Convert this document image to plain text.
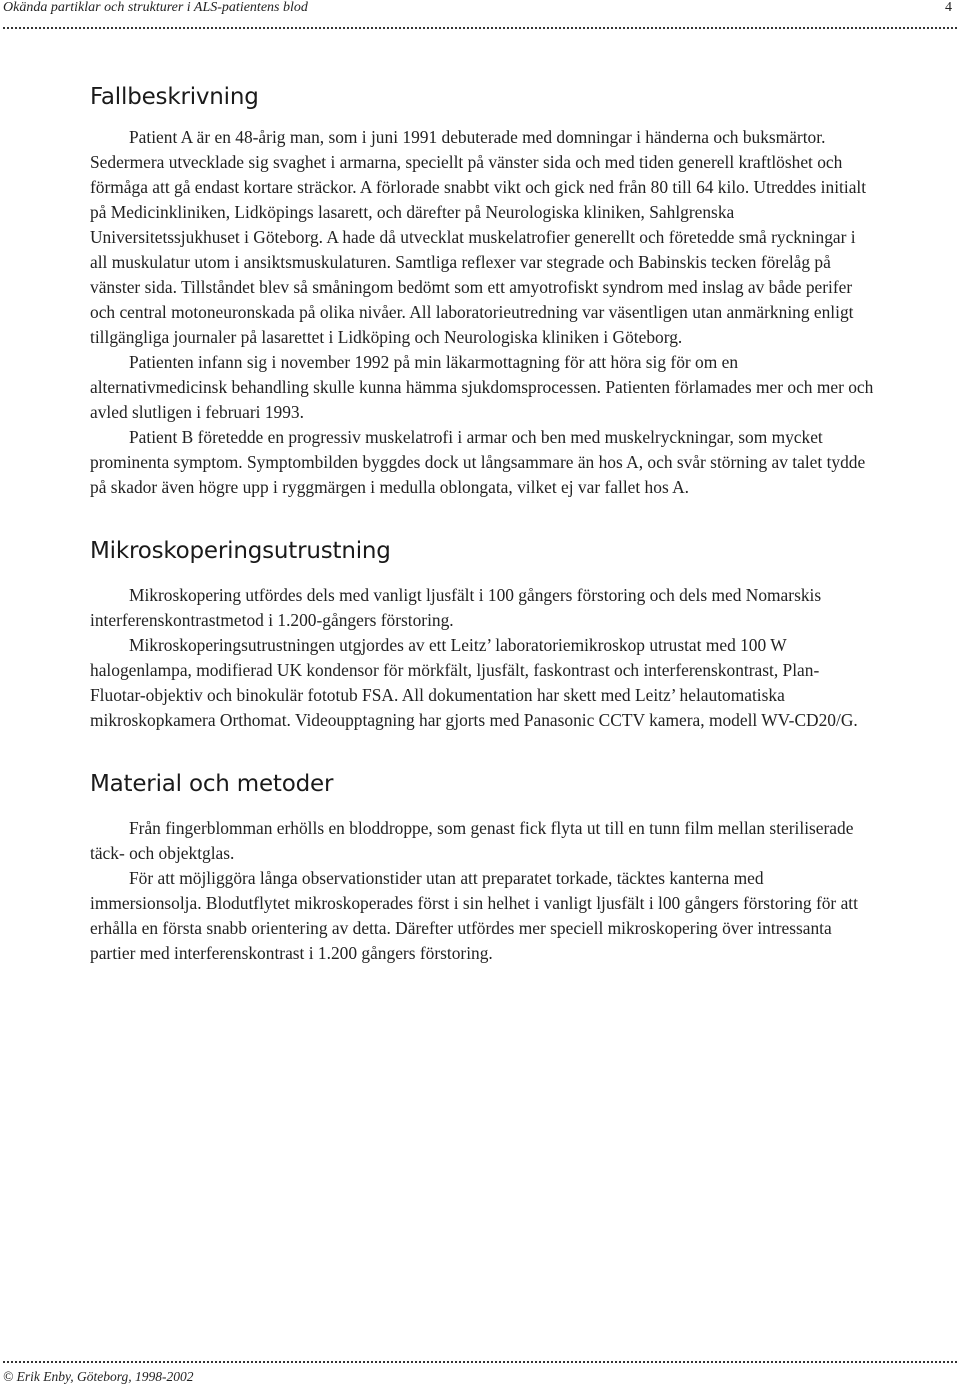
Okända partiklar och strukturer i ALS-patientens blod	4
Fallbeskrivning

Patient A är en 48-årig man, som i juni 1991 debuterade med domningar i händerna och buksmärtor. Sedermera utvecklade sig svaghet i armarna, speciellt på vänster sida och med tiden generell kraftlöshet och förmåga att gå endast kortare sträckor. A förlorade snabbt vikt och gick ned från 80 till 64 kilo. Utreddes initialt på Medicinkliniken, Lidköpings lasarett, och därefter på Neurologiska kliniken, Sahlgrenska Universitetssjukhuset i Göteborg. A hade då utvecklat muskelatrofier generellt och företedde små ryckningar i all muskulatur utom i ansiktsmuskulaturen. Samtliga reflexer var stegrade och Babinskis tecken förelåg på vänster sida. Tillståndet blev så småningom bedömt som ett amyotrofiskt syndrom med inslag av både perifer och central motoneuronskada på olika nivåer. All laboratorieutredning var väsentligen utan anmärkning enligt tillgängliga journaler på lasarettet i Lidköping och Neurologiska kliniken i Göteborg.

Patienten infann sig i november 1992 på min läkarmottagning för att höra sig för om en alternativmedicinsk behandling skulle kunna hämma sjukdomsprocessen. Patienten förlamades mer och mer och avled slutligen i februari 1993.

Patient B företedde en progressiv muskelatrofi i armar och ben med muskelryckningar, som mycket prominenta symptom. Symptombilden byggdes dock ut långsammare än hos A, och svår störning av talet tydde på skador även högre upp i ryggmärgen i medulla oblongata, vilket ej var fallet hos A.

Mikroskoperingsutrustning

Mikroskopering utfördes dels med vanligt ljusfält i 100 gångers förstoring och dels med Nomarskis interferenskontrastmetod i 1.200-gångers förstoring.

Mikroskoperingsutrustningen utgjordes av ett Leitz’ laboratoriemikroskop utrustat med 100 W halogenlampa, modifierad UK kondensor för mörkfält, ljusfält, faskontrast och interferenskontrast, Plan-Fluotar-objektiv och binokulär fototub FSA. All dokumentation har skett med Leitz’ helautomatiska mikroskopkamera Orthomat. Videoupptagning har gjorts med Panasonic CCTV kamera, modell WV-CD20/G.

Material och metoder

Från fingerblomman erhölls en bloddroppe, som genast fick flyta ut till en tunn film mellan steriliserade täck- och objektglas.

För att möjliggöra långa observationstider utan att preparatet torkade, täcktes kanterna med immersionsolja. Blodutflytet mikroskoperades först i sin helhet i vanligt ljusfält i l00 gångers förstoring för att erhålla en första snabb orientering av detta. Därefter utfördes mer speciell mikroskopering över intressanta partier med interferenskontrast i 1.200 gångers förstoring.

© Erik Enby, Göteborg, 1998-2002
